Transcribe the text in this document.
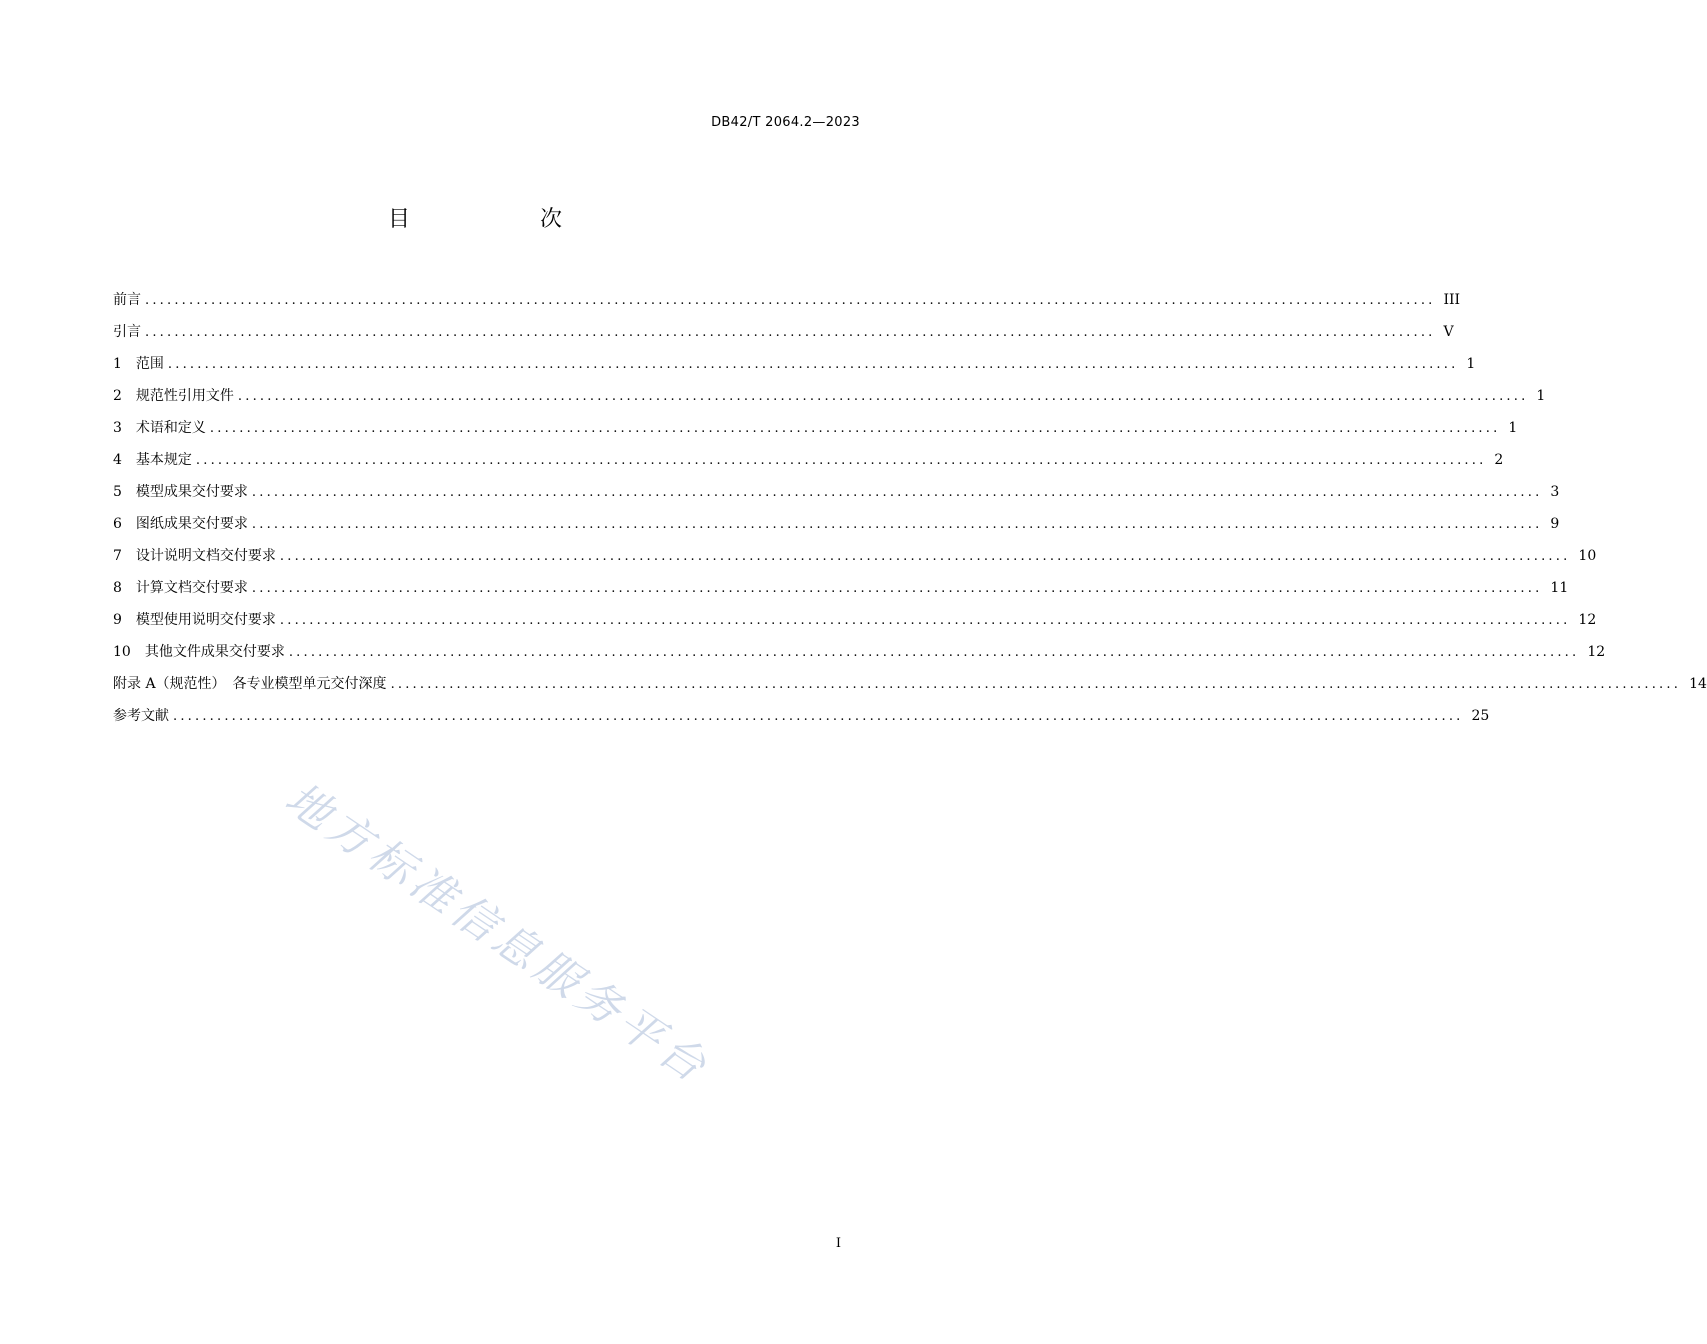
DB42/T 2064.2—2023
目　次
前言 ................................................................................................................................................................................ III
引言 ................................................................................................................................................................................ V
1　范围 ................................................................................................................................................................................ 1
2　规范性引用文件 ................................................................................................................................................................................ 1
3　术语和定义 ................................................................................................................................................................................ 1
4　基本规定 ................................................................................................................................................................................ 2
5　模型成果交付要求 ................................................................................................................................................................................ 3
6　图纸成果交付要求 ................................................................................................................................................................................ 9
7　设计说明文档交付要求 ................................................................................................................................................................................ 10
8　计算文档交付要求 ................................................................................................................................................................................ 11
9　模型使用说明交付要求 ................................................................................................................................................................................ 12
10　其他文件成果交付要求 ................................................................................................................................................................................ 12
附录 A（规范性）　各专业模型单元交付深度 ................................................................................................................................................................................ 14
参考文献 ................................................................................................................................................................................ 25
地方标准信息服务平台
I
